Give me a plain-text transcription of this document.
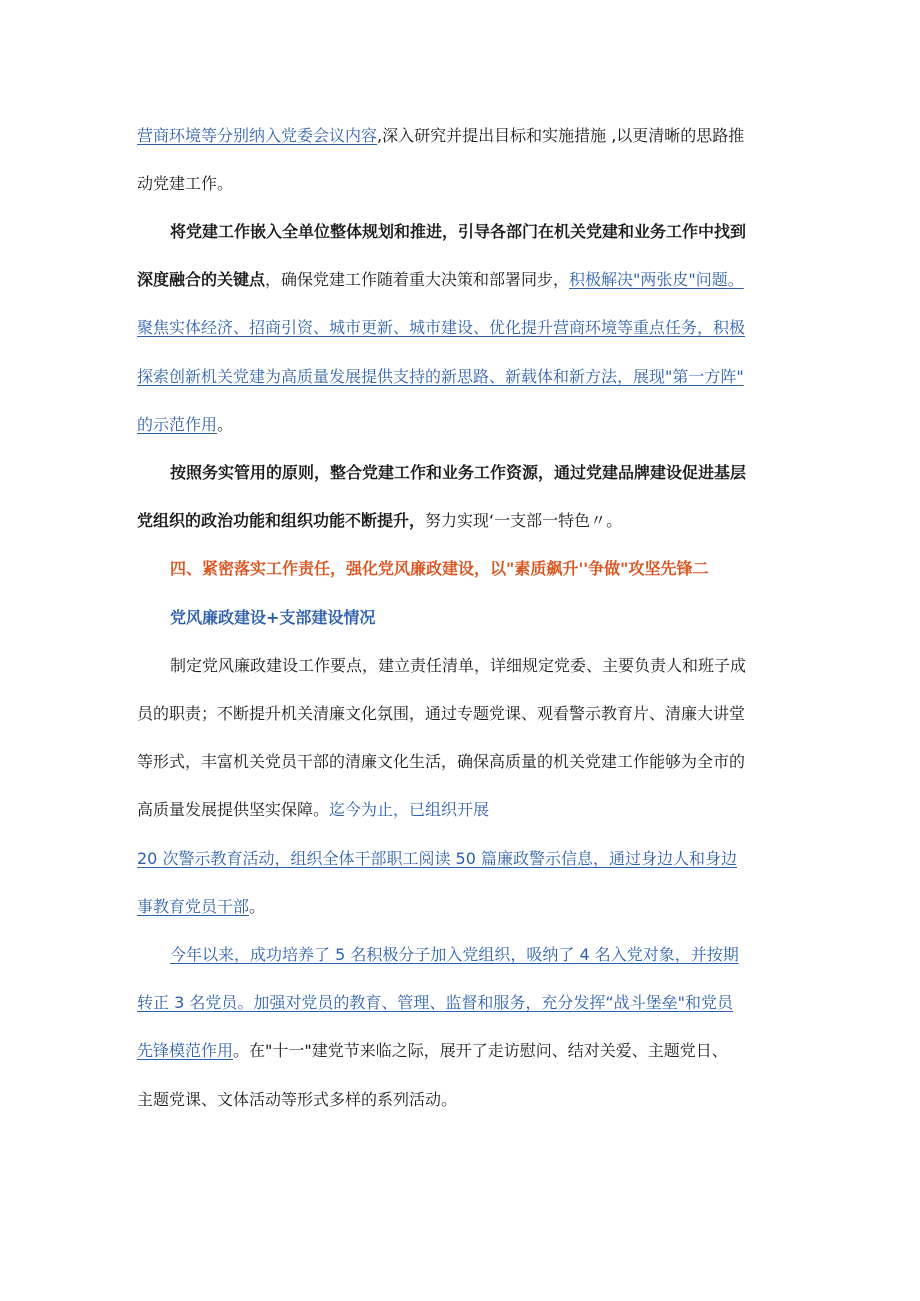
营商环境等分别纳入党委会议内容,深入研究并提出目标和实施措施 ,以更清晰的思路推
动党建工作。
将党建工作嵌入全单位整体规划和推进，引导各部门在机关党建和业务工作中找到
深度融合的关键点，确保党建工作随着重大决策和部署同步，积极解决"两张皮"问题。
聚焦实体经济、招商引资、城市更新、城市建设、优化提升营商环境等重点任务，积极
探索创新机关党建为高质量发展提供支持的新思路、新载体和新方法，展现"第一方阵"
的示范作用。
按照务实管用的原则，整合党建工作和业务工作资源，通过党建品牌建设促进基层
党组织的政治功能和组织功能不断提升，努力实现‘一支部一特色〃。
四、紧密落实工作责任，强化党风廉政建设，以"素质飙升''争做"攻坚先锋二
党风廉政建设+支部建设情况
制定党风廉政建设工作要点，建立责任清单，详细规定党委、主要负责人和班子成
员的职责；不断提升机关清廉文化氛围，通过专题党课、观看警示教育片、清廉大讲堂
等形式，丰富机关党员干部的清廉文化生活，确保高质量的机关党建工作能够为全市的
高质量发展提供坚实保障。迄今为止，已组织开展
20 次警示教育活动，组织全体干部职工阅读 50 篇廉政警示信息，通过身边人和身边
事教育党员干部。
今年以来，成功培养了 5 名积极分子加入党组织，吸纳了 4 名入党对象，并按期
转正 3 名党员。加强对党员的教育、管理、监督和服务，充分发挥“战斗堡垒"和党员
先锋模范作用。在"十一"建党节来临之际，展开了走访慰问、结对关爱、主题党日、
主题党课、文体活动等形式多样的系列活动。
